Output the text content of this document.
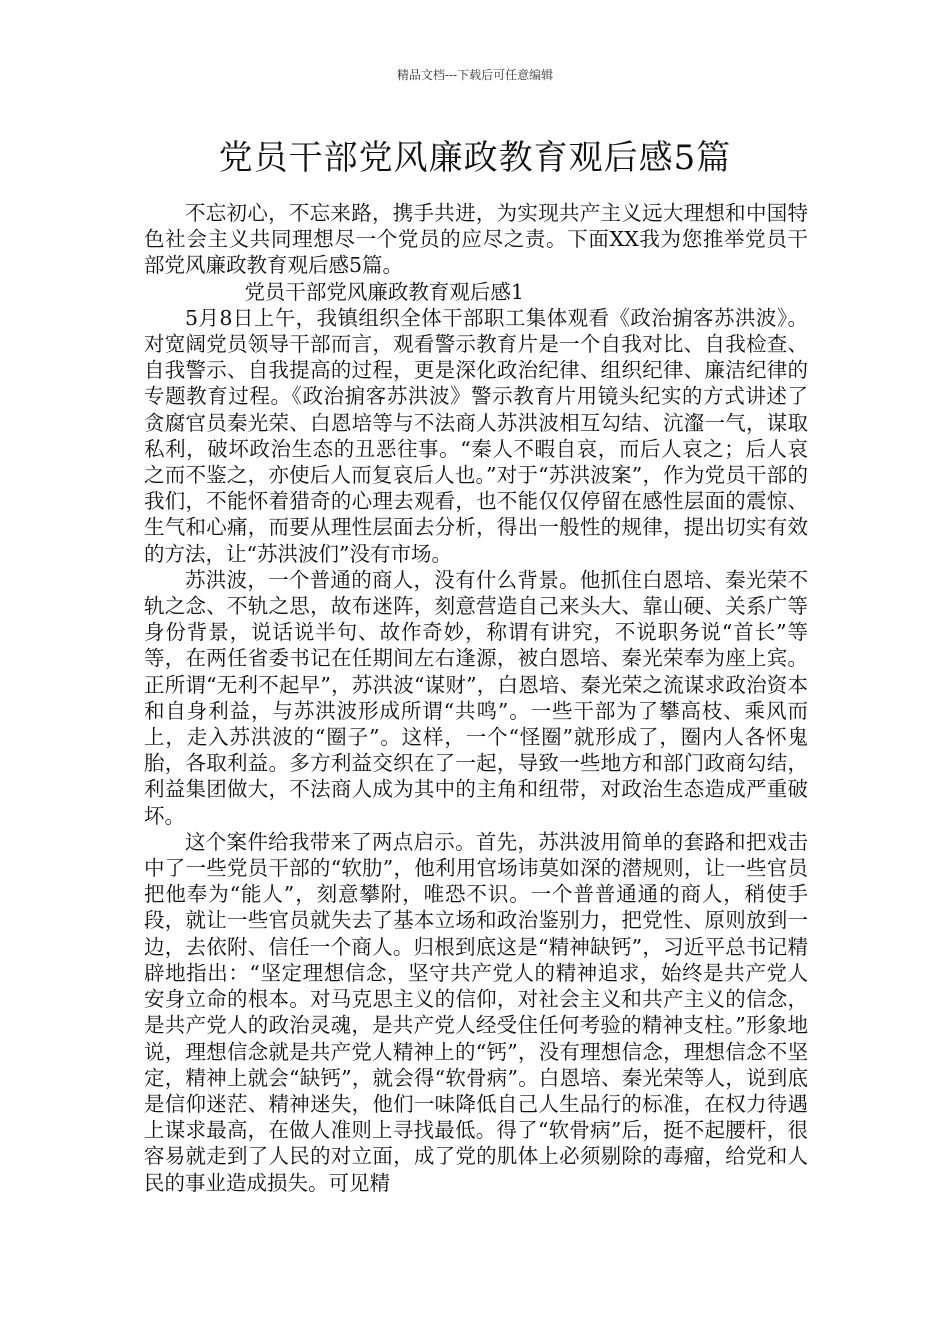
精品文档---下载后可任意编辑
党员干部党风廉政教育观后感5篇

不忘初心，不忘来路，携手共进，为实现共产主义远大理想和中国特色社会主义共同理想尽一个党员的应尽之责。下面XX我为您推举党员干部党风廉政教育观后感5篇。

党员干部党风廉政教育观后感1

5月8日上午，我镇组织全体干部职工集体观看《政治掮客苏洪波》。对宽阔党员领导干部而言，观看警示教育片是一个自我对比、自我检查、自我警示、自我提高的过程，更是深化政治纪律、组织纪律、廉洁纪律的专题教育过程。《政治掮客苏洪波》警示教育片用镜头纪实的方式讲述了贪腐官员秦光荣、白恩培等与不法商人苏洪波相互勾结、沆瀣一气，谋取私利，破坏政治生态的丑恶往事。“秦人不暇自哀，而后人哀之；后人哀之而不鉴之，亦使后人而复哀后人也。”对于“苏洪波案”，作为党员干部的我们，不能怀着猎奇的心理去观看，也不能仅仅停留在感性层面的震惊、生气和心痛，而要从理性层面去分析，得出一般性的规律，提出切实有效的方法，让“苏洪波们”没有市场。

苏洪波，一个普通的商人，没有什么背景。他抓住白恩培、秦光荣不轨之念、不轨之思，故布迷阵，刻意营造自己来头大、靠山硬、关系广等身份背景，说话说半句、故作奇妙，称谓有讲究，不说职务说“首长”等等，在两任省委书记在任期间左右逢源，被白恩培、秦光荣奉为座上宾。正所谓“无利不起早”，苏洪波“谋财”，白恩培、秦光荣之流谋求政治资本和自身利益，与苏洪波形成所谓“共鸣”。一些干部为了攀高枝、乘风而上，走入苏洪波的“圈子”。这样，一个“怪圈”就形成了，圈内人各怀鬼胎，各取利益。多方利益交织在了一起，导致一些地方和部门政商勾结，利益集团做大，不法商人成为其中的主角和纽带，对政治生态造成严重破坏。

这个案件给我带来了两点启示。首先，苏洪波用简单的套路和把戏击中了一些党员干部的“软肋”，他利用官场讳莫如深的潜规则，让一些官员把他奉为“能人”，刻意攀附，唯恐不识。一个普普通通的商人，稍使手段，就让一些官员就失去了基本立场和政治鉴别力，把党性、原则放到一边，去依附、信任一个商人。归根到底这是“精神缺钙”，习近平总书记精辟地指出：“坚定理想信念，坚守共产党人的精神追求，始终是共产党人安身立命的根本。对马克思主义的信仰，对社会主义和共产主义的信念，是共产党人的政治灵魂，是共产党人经受住任何考验的精神支柱。”形象地说，理想信念就是共产党人精神上的“钙”，没有理想信念，理想信念不坚定，精神上就会“缺钙”，就会得“软骨病”。白恩培、秦光荣等人，说到底是信仰迷茫、精神迷失，他们一味降低自己人生品行的标准，在权力待遇上谋求最高，在做人准则上寻找最低。得了“软骨病”后，挺不起腰杆，很容易就走到了人民的对立面，成了党的肌体上必须剔除的毒瘤，给党和人民的事业造成损失。可见精
